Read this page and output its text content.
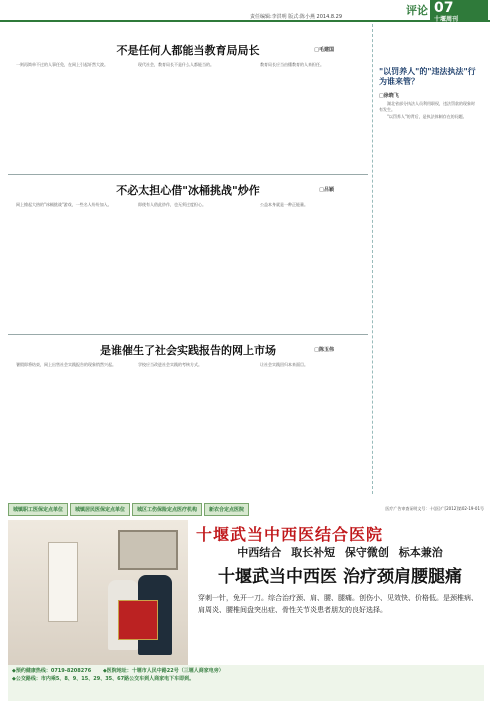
责任编辑:李洪明 版式:陈小燕 2014.8.29	评论 07
十堰周刊
不是任何人都能当教育局局长	□毛建国

一则再简单不过的人事任免，在网上引起轩然大波。	现代社会，教育局长不是什么人都能当的。	教育局长应当由懂教育的人来担任。

不必太担心借"冰桶挑战"炒作	□吕颖

网上掀起大热的"冰桶挑战"游戏，一些名人纷纷加入。	即使有人借此炒作，也无须过度担心。	公益本身就是一种正能量。

是谁催生了社会实践报告的网上市场	□陈玉伟

暑假即将结束，网上出售社会实践报告的现象悄然兴起。	学校应当改进社会实践的考核方式。	让社会实践回归本来面目。

"以罚养人"的"违法执法"行为谁来管？
□徐晓飞

湖北省部分执法人员利用职权，违法罚款的现象时有发生。

"以罚养人"的背后，是执法体制存在的问题。

城镇职工医保定点单位	城镇居民医保定点单位	城区工伤保险定点医疗机构	新农合定点医院	医疗广告审查证明文号：十(医)广[2012]第02-19-01号
十堰武当中西医结合医院
中西结合 取长补短 保守微创 标本兼治
十堰武当中西医 治疗颈肩腰腿痛
穿刺一针，免开一刀。综合治疗颈、肩、腰、腿痛。创伤小、见效快、价格低。是颈椎病、肩周炎、腰椎间盘突出症、骨性关节炎患者朋友的良好选择。
◆预约健康热线：0719-8208276 ◆医院地址：十堰市人民中路22号（三堰人商家电旁）
◆公交路线：市内乘5、8、9、15、29、35、67路公交车到人商家电下车即到。
